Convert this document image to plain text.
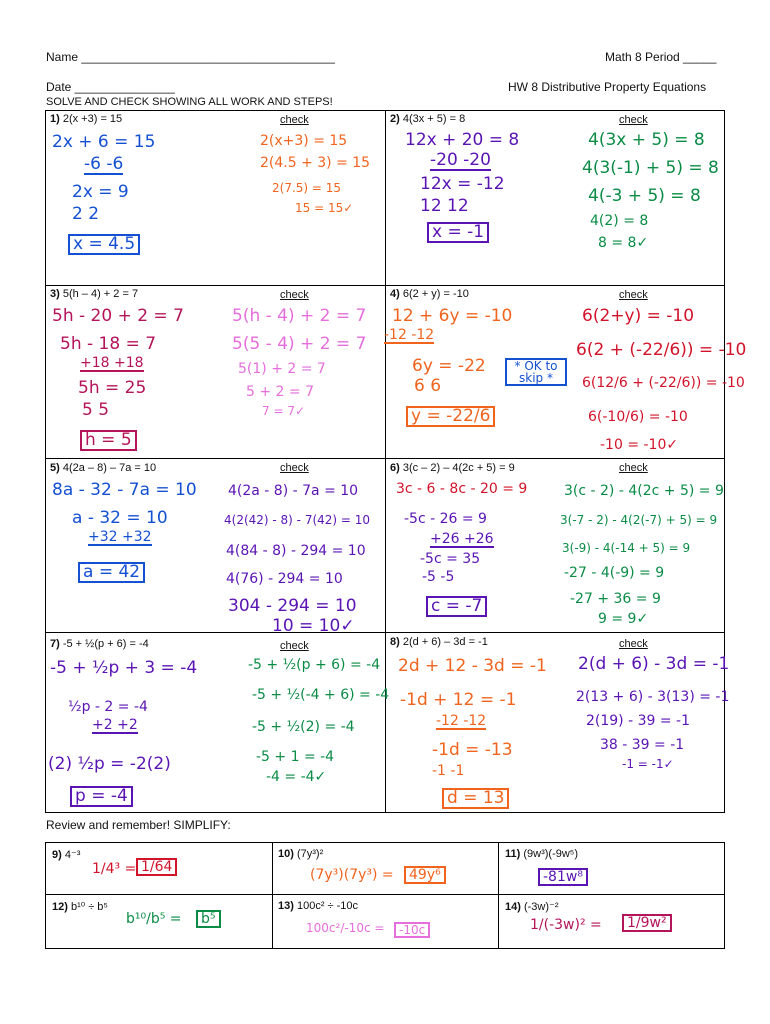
Name ______________________________________	Math 8 Period _____
Date _______________	HW 8 Distributive Property Equations
SOLVE AND CHECK SHOWING ALL WORK AND STEPS!
1) 2(x +3) = 15	check
2x + 6 = 15
-6 -6
2x = 9
2 2
x = 4.5
2(x+3) = 15
2(4.5 + 3) = 15
2(7.5) = 15
15 = 15✓
2) 4(3x + 5) = 8	check
12x + 20 = 8
-20 -20
12x = -12
12 12
x = -1
4(3x + 5) = 8
4(3(-1) + 5) = 8
4(-3 + 5) = 8
4(2) = 8
8 = 8✓
3) 5(h – 4) + 2 = 7	check
5h - 20 + 2 = 7
5h - 18 = 7
+18 +18
5h = 25
5 5
h = 5
5(h - 4) + 2 = 7
5(5 - 4) + 2 = 7
5(1) + 2 = 7
5 + 2 = 7
7 = 7✓
4) 6(2 + y) = -10	check
12 + 6y = -10
-12 -12
6y = -22
6 6
y = -22/6
* OK to skip *
6(2+y) = -10
6(2 + (-22/6)) = -10
6(12/6 + (-22/6)) = -10
6(-10/6) = -10
-10 = -10✓
5) 4(2a – 8) – 7a = 10	check
8a - 32 - 7a = 10
a - 32 = 10
+32 +32
a = 42
4(2a - 8) - 7a = 10
4(2(42) - 8) - 7(42) = 10
4(84 - 8) - 294 = 10
4(76) - 294 = 10
304 - 294 = 10
10 = 10✓
6) 3(c – 2) – 4(2c + 5) = 9	check
3c - 6 - 8c - 20 = 9
-5c - 26 = 9
+26 +26
-5c = 35
-5 -5
c = -7
3(c - 2) - 4(2c + 5) = 9
3(-7 - 2) - 4(2(-7) + 5) = 9
3(-9) - 4(-14 + 5) = 9
-27 - 4(-9) = 9
-27 + 36 = 9
9 = 9✓
7) -5 + ½(p + 6) = -4	check
-5 + ½p + 3 = -4
½p - 2 = -4
+2 +2
(2) ½p = -2(2)
p = -4
-5 + ½(p + 6) = -4
-5 + ½(-4 + 6) = -4
-5 + ½(2) = -4
-5 + 1 = -4
-4 = -4✓
8) 2(d + 6) – 3d = -1	check
2d + 12 - 3d = -1
-1d + 12 = -1
-12 -12
-1d = -13
-1 -1
d = 13
2(d + 6) - 3d = -1
2(13 + 6) - 3(13) = -1
2(19) - 39 = -1
38 - 39 = -1
-1 = -1✓
Review and remember! SIMPLIFY:
9) 4⁻³
1/4³ = 1/64
10) (7y³)²
(7y³)(7y³) =	49y⁶
11) (9w³)(-9w⁵)
-81w⁸
12) b¹⁰ ÷ b⁵
b¹⁰/b⁵ =	b⁵
13) 100c² ÷ -10c
100c²/-10c =	-10c
14) (-3w)⁻²
1/(-3w)² =	1/9w²
